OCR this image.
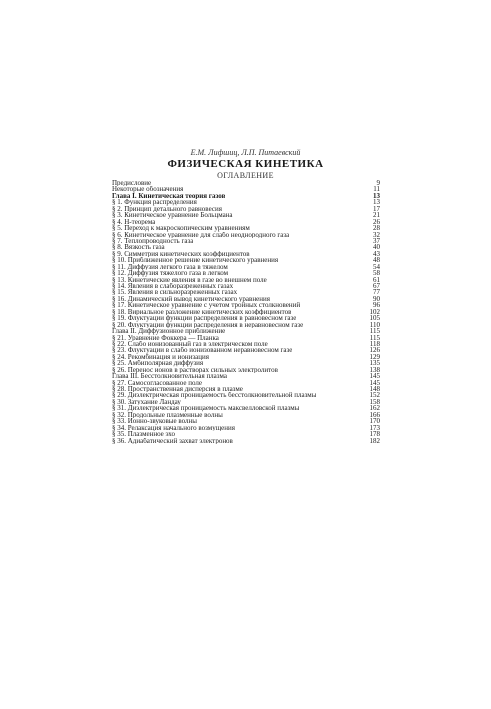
Е.М. Лифшиц, Л.П. Питаевский
ФИЗИЧЕСКАЯ КИНЕТИКА
ОГЛАВЛЕНИЕ
Предисловие	9
Некоторые обозначения	11
Глава I. Кинетическая теория газов	13
§ 1. Функция распределения	13
§ 2. Принцип детального равновесия	17
§ 3. Кинетическое уравнение Больцмана	21
§ 4. H-теорема	26
§ 5. Переход к макроскопическим уравнениям	28
§ 6. Кинетическое уравнение для слабо неоднородного газа	32
§ 7. Теплопроводность газа	37
§ 8. Вязкость газа	40
§ 9. Симметрия кинетических коэффициентов	43
§ 10. Приближенное решение кинетического уравнения	48
§ 11. Диффузия легкого газа в тяжелом	54
§ 12. Диффузия тяжелого газа в легком	58
§ 13. Кинетические явления в газе во внешнем поле	61
§ 14. Явления в слаборазреженных газах	67
§ 15. Явления в сильноразреженных газах	77
§ 16. Динамический вывод кинетического уравнения	90
§ 17. Кинетическое уравнение с учетом тройных столкновений	96
§ 18. Вириальное разложение кинетических коэффициентов	102
§ 19. Флуктуации функции распределения в равновесном газе	105
§ 20. Флуктуации функции распределения в неравновесном газе	110
Глава II. Диффузионное приближение	115
§ 21. Уравнение Фоккера — Планка	115
§ 22. Слабо ионизованный газ в электрическом поле	118
§ 23. Флуктуации в слабо ионизованном неравновесном газе	126
§ 24. Рекомбинация и ионизация	129
§ 25. Амбиполярная диффузия	135
§ 26. Перенос ионов в растворах сильных электролитов	138
Глава III. Бесстолкновительная плазма	145
§ 27. Самосогласованное поле	145
§ 28. Пространственная дисперсия в плазме	148
§ 29. Диэлектрическая проницаемость бесстолкновительной плазмы	152
§ 30. Затухание Ландау	158
§ 31. Диэлектрическая проницаемость максвелловской плазмы	162
§ 32. Продольные плазменные волны	166
§ 33. Ионно-звуковые волны	170
§ 34. Релаксация начального возмущения	173
§ 35. Плазменное эхо	178
§ 36. Адиабатический захват электронов	182
